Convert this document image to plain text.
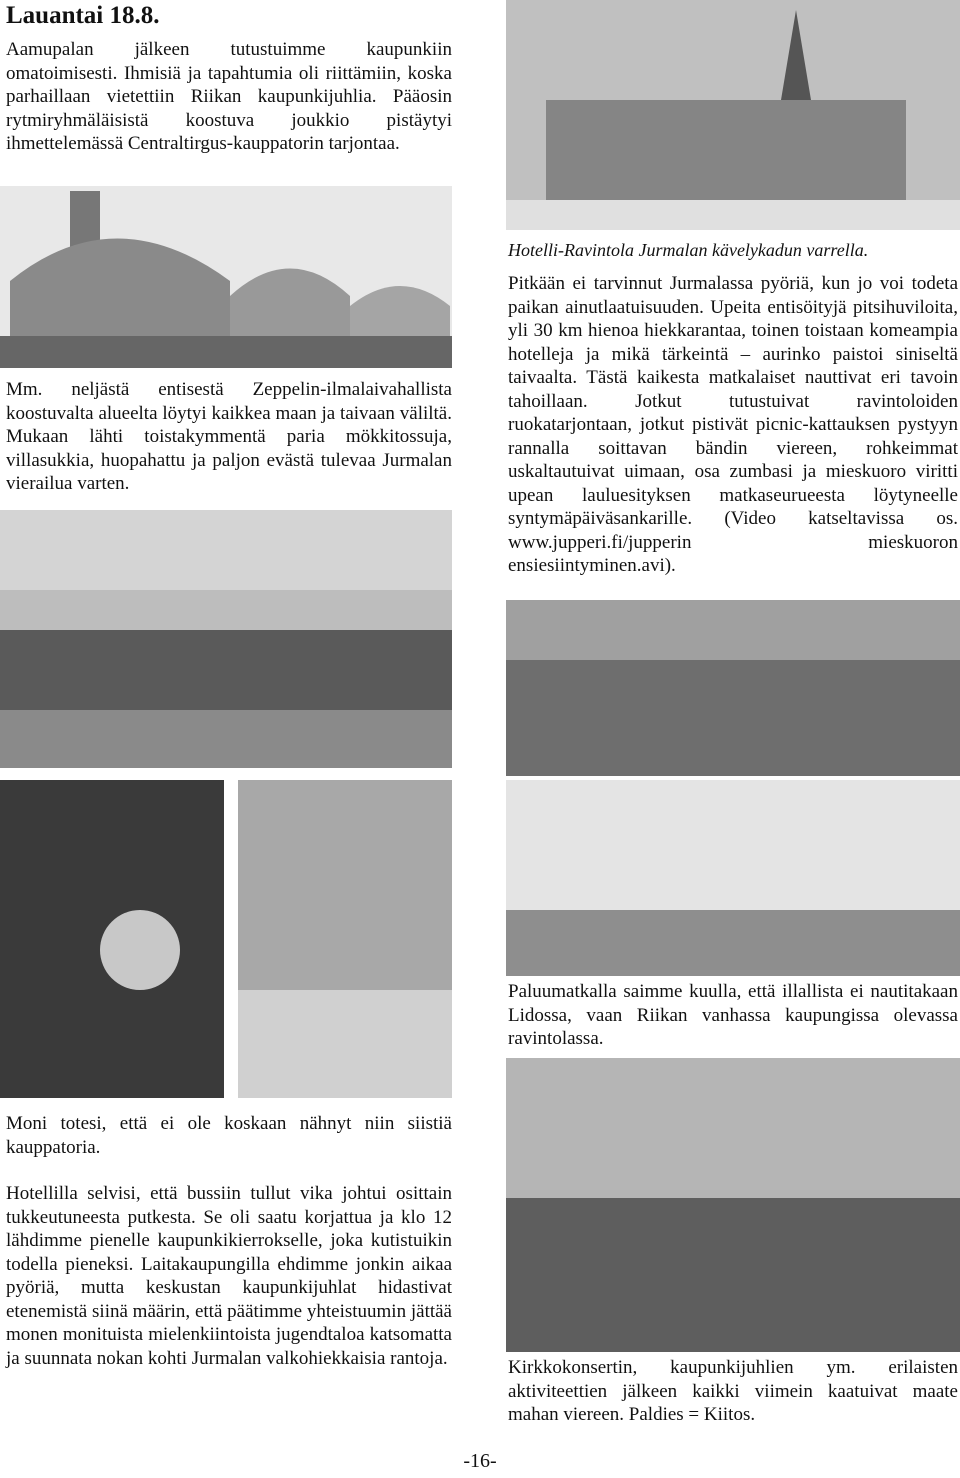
Lauantai 18.8.

Aamupalan jälkeen tutustuimme kaupunkiin omatoimisesti. Ihmisiä ja tapahtumia oli riittämiin, koska parhaillaan vietettiin Riikan kaupunkijuhlia. Pääosin rytmiryhmäläisistä koostuva joukkio pistäytyi ihmettelemässä Centraltirgus-kauppatorin tarjontaa.

Mm. neljästä entisestä Zeppelin-ilmalaivahallista koostuvalta alueelta löytyi kaikkea maan ja taivaan väliltä. Mukaan lähti toistakymmentä paria mökkitossuja, villasukkia, huopahattu ja paljon evästä tulevaa Jurmalan vierailua varten.

Moni totesi, että ei ole koskaan nähnyt niin siistiä kauppatoria.

Hotellilla selvisi, että bussiin tullut vika johtui osittain tukkeutuneesta putkesta. Se oli saatu korjattua ja klo 12 lähdimme pienelle kaupunkikierrokselle, joka kutistuikin todella pieneksi. Laitakaupungilla ehdimme jonkin aikaa pyöriä, mutta keskustan kaupunkijuhlat hidastivat etenemistä siinä määrin, että päätimme yhteistuumin jättää monen monituista mielenkiintoista jugendtaloa katsomatta ja suunnata nokan kohti Jurmalan valkohiekkaisia rantoja.

Hotelli-Ravintola Jurmalan kävelykadun varrella.

Pitkään ei tarvinnut Jurmalassa pyöriä, kun jo voi todeta paikan ainutlaatuisuuden. Upeita entisöityjä pitsihuviloita, yli 30 km hienoa hiekkarantaa, toinen toistaan komeampia hotelleja ja mikä tärkeintä – aurinko paistoi siniseltä taivaalta. Tästä kaikesta matkalaiset nauttivat eri tavoin tahoillaan. Jotkut tutustuivat ravintoloiden ruokatarjontaan, jotkut pistivät picnic-kattauksen pystyyn rannalla soittavan bändin viereen, rohkeimmat uskaltautuivat uimaan, osa zumbasi ja mieskuoro viritti upean lauluesityksen matkaseurueesta löytyneelle syntymäpäiväsankarille. (Video katseltavissa os. www.jupperi.fi/jupperin mieskuoron ensiesiintyminen.avi).

Paluumatkalla saimme kuulla, että illallista ei nautitakaan Lidossa, vaan Riikan vanhassa kaupungissa olevassa ravintolassa.

Kirkkokonsertin, kaupunkijuhlien ym. erilaisten aktiviteettien jälkeen kaikki viimein kaatuivat maate mahan viereen. Paldies = Kiitos.

-16-
